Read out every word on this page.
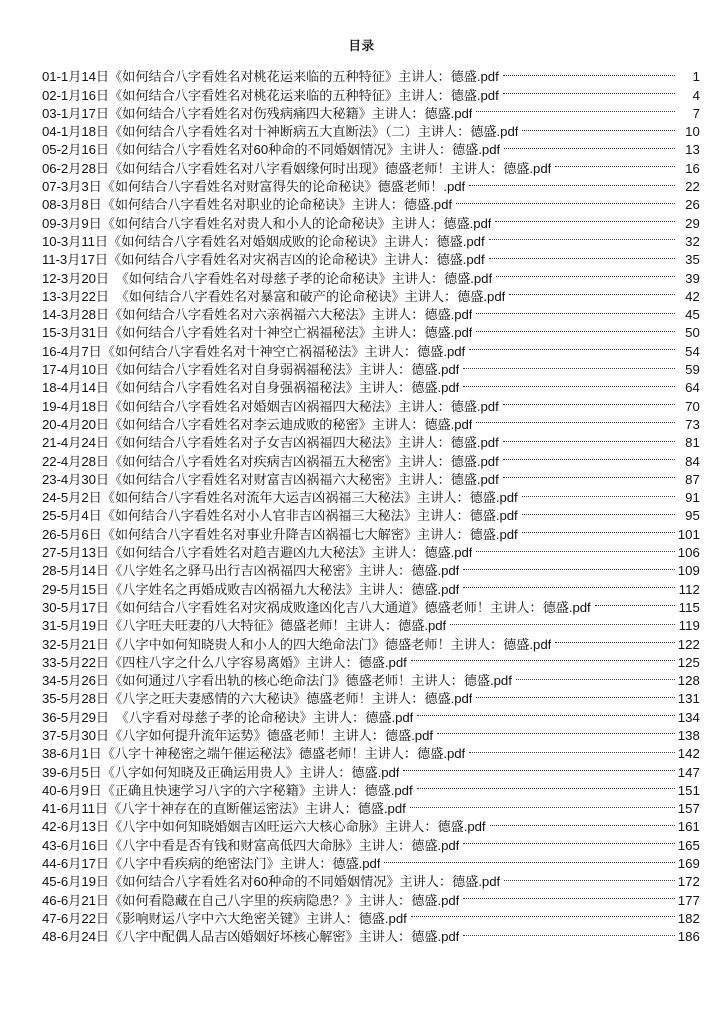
目录
01-1月14日《如何结合八字看姓名对桃花运来临的五种特征》主讲人：德盛.pdf	1
02-1月16日《如何结合八字看姓名对桃花运来临的五种特征》主讲人：德盛.pdf	4
03-1月17日《如何结合八字看姓名对伤残病痛四大秘籍》主讲人：德盛.pdf	7
04-1月18日《如何结合八字看姓名对十神断病五大直断法》（二）主讲人：德盛.pdf	10
05-2月16日《如何结合八字看姓名对60种命的不同婚姻情况》主讲人：德盛.pdf	13
06-2月28日《如何结合八字看姓名对八字看姻缘何时出现》德盛老师！主讲人：德盛.pdf	16
07-3月3日《如何结合八字看姓名对财富得失的论命秘诀》德盛老师！.pdf	22
08-3月8日《如何结合八字看姓名对职业的论命秘诀》主讲人：德盛.pdf	26
09-3月9日《如何结合八字看姓名对贵人和小人的论命秘诀》主讲人：德盛.pdf	29
10-3月11日《如何结合八字看姓名对婚姻成败的论命秘诀》主讲人：德盛.pdf	32
11-3月17日《如何结合八字看姓名对灾祸吉凶的论命秘诀》主讲人：德盛.pdf	35
12-3月20日　《如何结合八字看姓名对母慈子孝的论命秘诀》主讲人：德盛.pdf	39
13-3月22日　《如何结合八字看姓名对暴富和破产的论命秘诀》主讲人：德盛.pdf	42
14-3月28日《如何结合八字看姓名对六亲祸福六大秘法》主讲人：德盛.pdf	45
15-3月31日《如何结合八字看姓名对十神空亡祸福秘法》主讲人：德盛.pdf	50
16-4月7日《如何结合八字看姓名对十神空亡祸福秘法》主讲人：德盛.pdf	54
17-4月10日《如何结合八字看姓名对自身弱祸福秘法》主讲人：德盛.pdf	59
18-4月14日《如何结合八字看姓名对自身强祸福秘法》主讲人：德盛.pdf	64
19-4月18日《如何结合八字看姓名对婚姻吉凶祸福四大秘法》主讲人：德盛.pdf	70
20-4月20日《如何结合八字看姓名对李云迪成败的秘密》主讲人：德盛.pdf	73
21-4月24日《如何结合八字看姓名对子女吉凶祸福四大秘法》主讲人：德盛.pdf	81
22-4月28日《如何结合八字看姓名对疾病吉凶祸福五大秘密》主讲人：德盛.pdf	84
23-4月30日《如何结合八字看姓名对财富吉凶祸福六大秘密》主讲人：德盛.pdf	87
24-5月2日《如何结合八字看姓名对流年大运吉凶祸福三大秘法》主讲人：德盛.pdf	91
25-5月4日《如何结合八字看姓名对小人官非吉凶祸福三大秘法》主讲人：德盛.pdf	95
26-5月6日《如何结合八字看姓名对事业升降吉凶祸福七大解密》主讲人：德盛.pdf	101
27-5月13日《如何结合八字看姓名对趋吉避凶九大秘法》主讲人：德盛.pdf	106
28-5月14日《八字姓名之驿马出行吉凶祸福四大秘密》主讲人：德盛.pdf	109
29-5月15日《八字姓名之再婚成败吉凶祸福九大秘法》主讲人：德盛.pdf	112
30-5月17日《如何结合八字看姓名对灾祸成败逢凶化吉八大通道》德盛老师！主讲人：德盛.pdf	115
31-5月19日《八字旺夫旺妻的八大特征》德盛老师！主讲人：德盛.pdf	119
32-5月21日《八字中如何知晓贵人和小人的四大绝命法门》德盛老师！主讲人：德盛.pdf	122
33-5月22日《四柱八字之什么八字容易离婚》主讲人：德盛.pdf	125
34-5月26日《如何通过八字看出轨的核心绝命法门》德盛老师！主讲人：德盛.pdf	128
35-5月28日《八字之旺夫妻感情的六大秘诀》德盛老师！主讲人：德盛.pdf	131
36-5月29日　《八字看对母慈子孝的论命秘诀》主讲人：德盛.pdf	134
37-5月30日《八字如何提升流年运势》德盛老师！主讲人：德盛.pdf	138
38-6月1日《八字十神秘密之端午催运秘法》德盛老师！主讲人：德盛.pdf	142
39-6月5日《八字如何知晓及正确运用贵人》主讲人：德盛.pdf	147
40-6月9日《正确且快速学习八字的六字秘籍》主讲人：德盛.pdf	151
41-6月11日《八字十神存在的直断催运密法》主讲人：德盛.pdf	157
42-6月13日《八字中如何知晓婚姻吉凶旺运六大核心命脉》主讲人：德盛.pdf	161
43-6月16日《八字中看是否有钱和财富高低四大命脉》主讲人：德盛.pdf	165
44-6月17日《八字中看疾病的绝密法门》主讲人：德盛.pdf	169
45-6月19日《如何结合八字看姓名对60种命的不同婚姻情况》主讲人：德盛.pdf	172
46-6月21日《如何看隐藏在自己八字里的疾病隐患？》主讲人：德盛.pdf	177
47-6月22日《影响财运八字中六大绝密关键》主讲人：德盛.pdf	182
48-6月24日《八字中配偶人品吉凶婚姻好坏核心解密》主讲人：德盛.pdf	186
